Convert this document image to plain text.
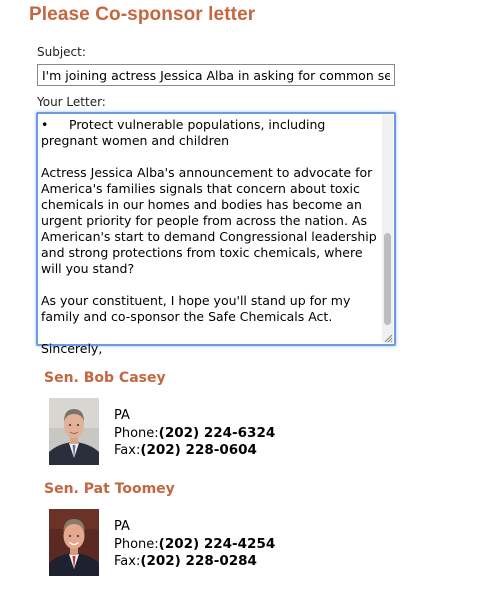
Please Co-sponsor letter
Subject:
I'm joining actress Jessica Alba in asking for common sense
Your Letter:

• Protect vulnerable populations, including pregnant women and children

Actress Jessica Alba's announcement to advocate for America's families signals that concern about toxic chemicals in our homes and bodies has become an urgent priority for people from across the nation. As American's start to demand Congressional leadership and strong protections from toxic chemicals, where will you stand?

As your constituent, I hope you'll stand up for my family and co-sponsor the Safe Chemicals Act.

Sincerely,

Sen. Bob Casey
PA
Phone:(202) 224-6324
Fax:(202) 228-0604
Sen. Pat Toomey
PA
Phone:(202) 224-4254
Fax:(202) 228-0284
